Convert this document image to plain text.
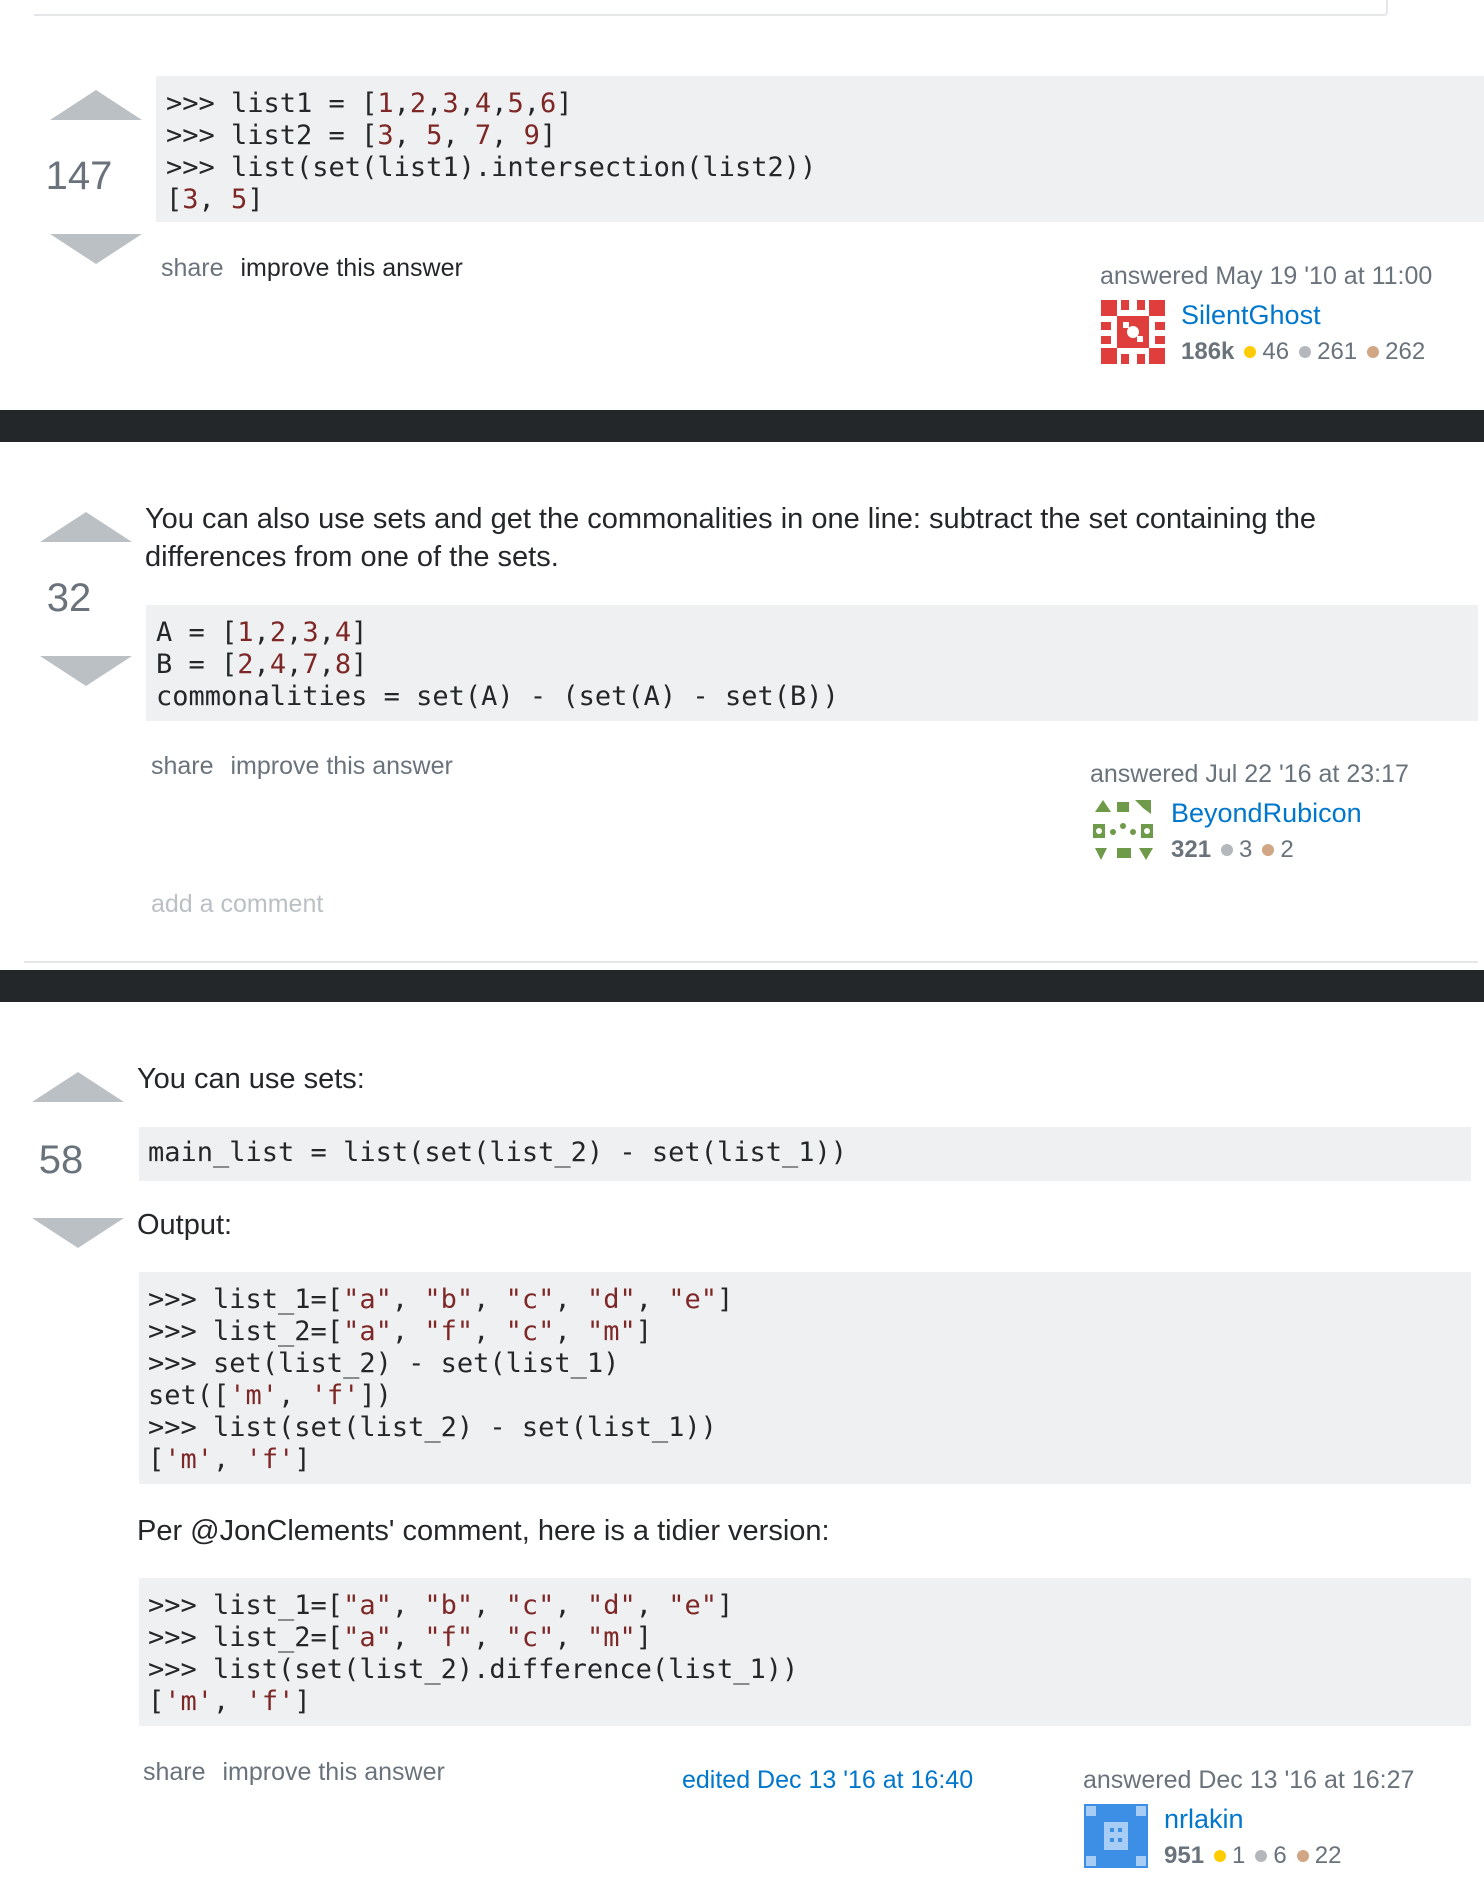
147
>>> list1 = [1,2,3,4,5,6]
>>> list2 = [3, 5, 7, 9]
>>> list(set(list1).intersection(list2))
[3, 5]
share improve this answer	answered May 19 '10 at 11:00
SilentGhost
186k 46 261 262
32
You can also use sets and get the commonalities in one line: subtract the set containing the differences from one of the sets.
A = [1,2,3,4]
B = [2,4,7,8]
commonalities = set(A) - (set(A) - set(B))
share improve this answer	answered Jul 22 '16 at 23:17
BeyondRubicon
321 3 2
add a comment
58
You can use sets:
main_list = list(set(list_2) - set(list_1))
Output:
>>> list_1=["a", "b", "c", "d", "e"]
>>> list_2=["a", "f", "c", "m"]
>>> set(list_2) - set(list_1)
set(['m', 'f'])
>>> list(set(list_2) - set(list_1))
['m', 'f']
Per @JonClements' comment, here is a tidier version:
>>> list_1=["a", "b", "c", "d", "e"]
>>> list_2=["a", "f", "c", "m"]
>>> list(set(list_2).difference(list_1))
['m', 'f']
share improve this answer	edited Dec 13 '16 at 16:40	answered Dec 13 '16 at 16:27
nrlakin
951 1 6 22
